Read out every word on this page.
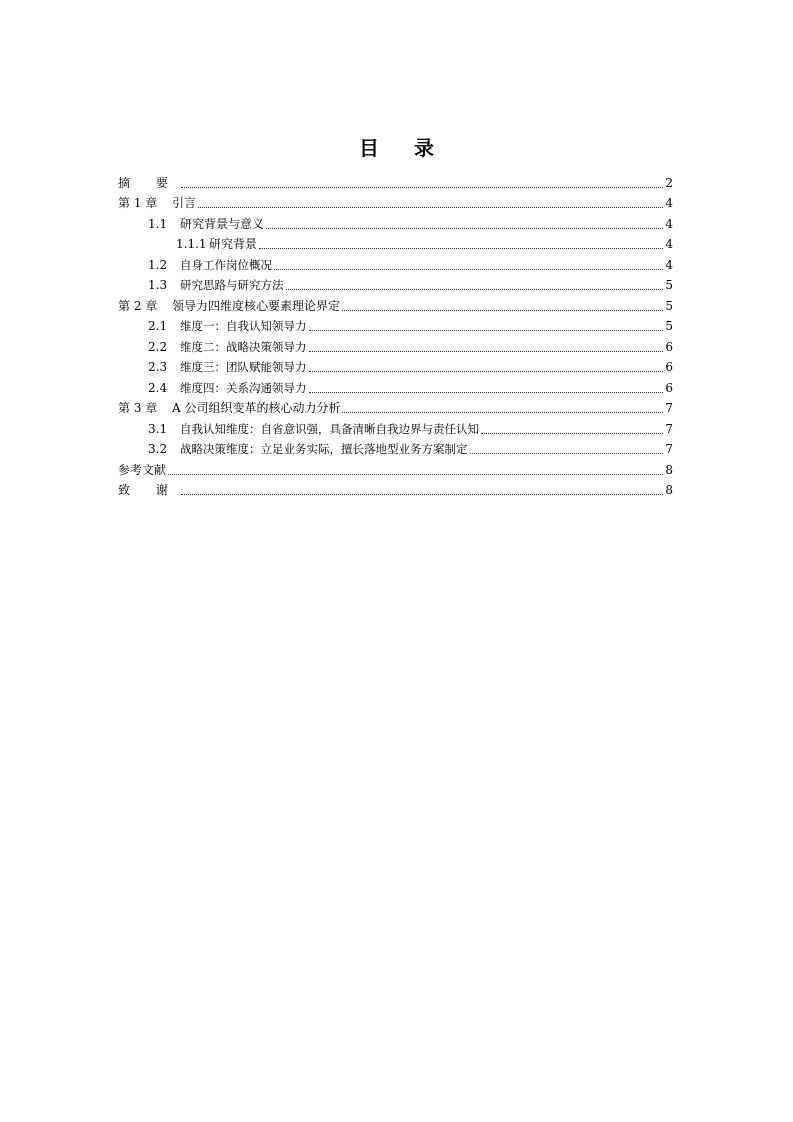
目 录
摘 要	2
第 1 章	引言	4
1.1	研究背景与意义	4
1.1.1 研究背景	4
1.2	自身工作岗位概况	4
1.3	研究思路与研究方法	5
第 2 章	领导力四维度核心要素理论界定	5
2.1	维度一：自我认知领导力	5
2.2	维度二：战略决策领导力	6
2.3	维度三：团队赋能领导力	6
2.4	维度四：关系沟通领导力	6
第 3 章	A 公司组织变革的核心动力分析	7
3.1	自我认知维度：自省意识强，具备清晰自我边界与责任认知	7
3.2	战略决策维度：立足业务实际，擅长落地型业务方案制定	7
参考文献	8
致 谢	8
